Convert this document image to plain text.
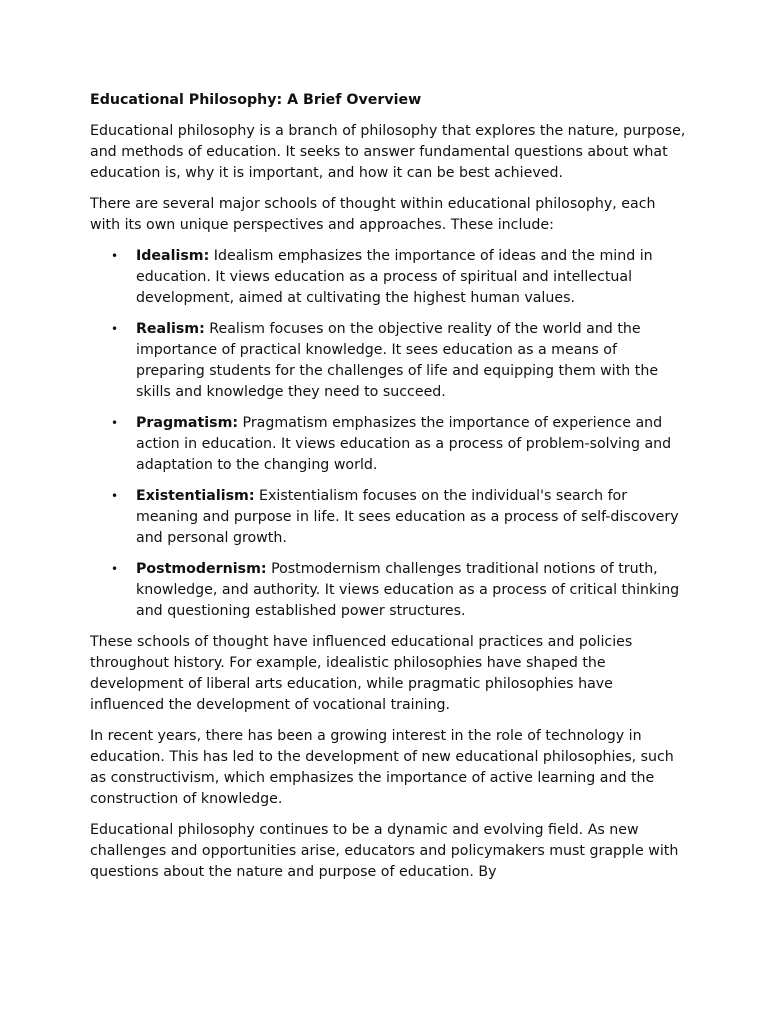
Educational Philosophy: A Brief Overview

Educational philosophy is a branch of philosophy that explores the nature, purpose, and methods of education. It seeks to answer fundamental questions about what education is, why it is important, and how it can be best achieved.

There are several major schools of thought within educational philosophy, each with its own unique perspectives and approaches. These include:

• Idealism: Idealism emphasizes the importance of ideas and the mind in education. It views education as a process of spiritual and intellectual development, aimed at cultivating the highest human values.
• Realism: Realism focuses on the objective reality of the world and the importance of practical knowledge. It sees education as a means of preparing students for the challenges of life and equipping them with the skills and knowledge they need to succeed.
• Pragmatism: Pragmatism emphasizes the importance of experience and action in education. It views education as a process of problem-solving and adaptation to the changing world.
• Existentialism: Existentialism focuses on the individual's search for meaning and purpose in life. It sees education as a process of self-discovery and personal growth.
• Postmodernism: Postmodernism challenges traditional notions of truth, knowledge, and authority. It views education as a process of critical thinking and questioning established power structures.

These schools of thought have influenced educational practices and policies throughout history. For example, idealistic philosophies have shaped the development of liberal arts education, while pragmatic philosophies have influenced the development of vocational training.

In recent years, there has been a growing interest in the role of technology in education. This has led to the development of new educational philosophies, such as constructivism, which emphasizes the importance of active learning and the construction of knowledge.

Educational philosophy continues to be a dynamic and evolving field. As new challenges and opportunities arise, educators and policymakers must grapple with questions about the nature and purpose of education. By
